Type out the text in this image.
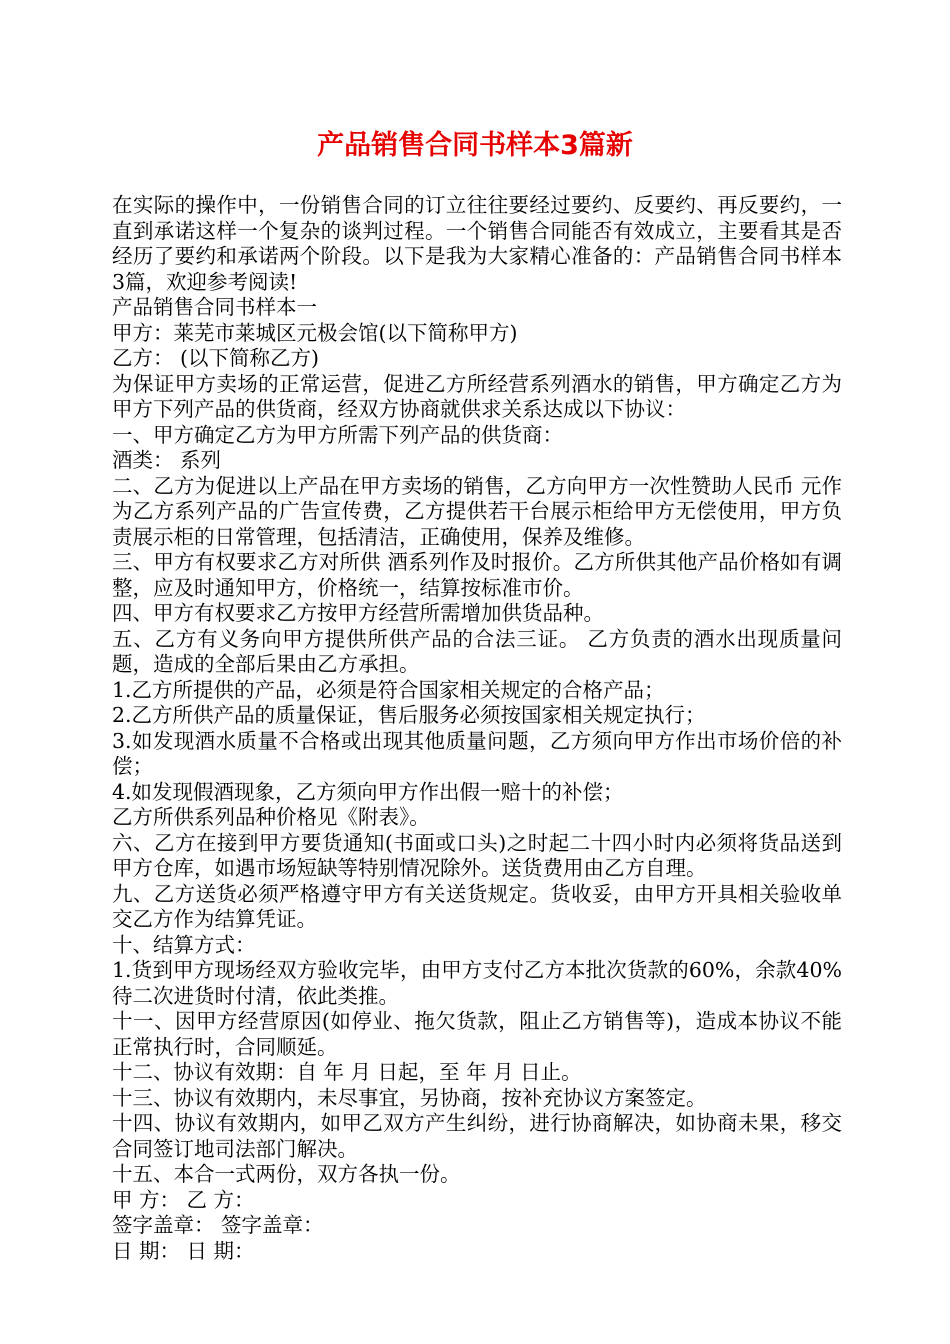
产品销售合同书样本3篇新

在实际的操作中，一份销售合同的订立往往要经过要约、反要约、再反要约，一直到承诺这样一个复杂的谈判过程。一个销售合同能否有效成立，主要看其是否经历了要约和承诺两个阶段。以下是我为大家精心准备的：产品销售合同书样本3篇，欢迎参考阅读!

产品销售合同书样本一

甲方：莱芜市莱城区元极会馆(以下简称甲方)

乙方： (以下简称乙方)

为保证甲方卖场的正常运营，促进乙方所经营系列酒水的销售，甲方确定乙方为甲方下列产品的供货商，经双方协商就供求关系达成以下协议：

一、甲方确定乙方为甲方所需下列产品的供货商：

酒类： 系列

二、乙方为促进以上产品在甲方卖场的销售，乙方向甲方一次性赞助人民币 元作为乙方系列产品的广告宣传费，乙方提供若干台展示柜给甲方无偿使用，甲方负责展示柜的日常管理，包括清洁，正确使用，保养及维修。

三、甲方有权要求乙方对所供 酒系列作及时报价。乙方所供其他产品价格如有调整，应及时通知甲方，价格统一，结算按标准市价。

四、甲方有权要求乙方按甲方经营所需增加供货品种。

五、乙方有义务向甲方提供所供产品的合法三证。 乙方负责的酒水出现质量问题，造成的全部后果由乙方承担。

1.乙方所提供的产品，必须是符合国家相关规定的合格产品；

2.乙方所供产品的质量保证，售后服务必须按国家相关规定执行；

3.如发现酒水质量不合格或出现其他质量问题，乙方须向甲方作出市场价倍的补偿；

4.如发现假酒现象，乙方须向甲方作出假一赔十的补偿；

乙方所供系列品种价格见《附表》。

六、乙方在接到甲方要货通知(书面或口头)之时起二十四小时内必须将货品送到甲方仓库，如遇市场短缺等特别情况除外。送货费用由乙方自理。

九、乙方送货必须严格遵守甲方有关送货规定。货收妥，由甲方开具相关验收单交乙方作为结算凭证。

十、结算方式：

1.货到甲方现场经双方验收完毕，由甲方支付乙方本批次货款的60%，余款40%待二次进货时付清，依此类推。

十一、因甲方经营原因(如停业、拖欠货款，阻止乙方销售等)，造成本协议不能正常执行时，合同顺延。

十二、协议有效期：自 年 月 日起，至 年 月 日止。

十三、协议有效期内，未尽事宜，另协商，按补充协议方案签定。

十四、协议有效期内，如甲乙双方产生纠纷，进行协商解决，如协商未果，移交合同签订地司法部门解决。

十五、本合一式两份，双方各执一份。

甲 方： 乙 方：

签字盖章： 签字盖章：

日 期： 日 期：
